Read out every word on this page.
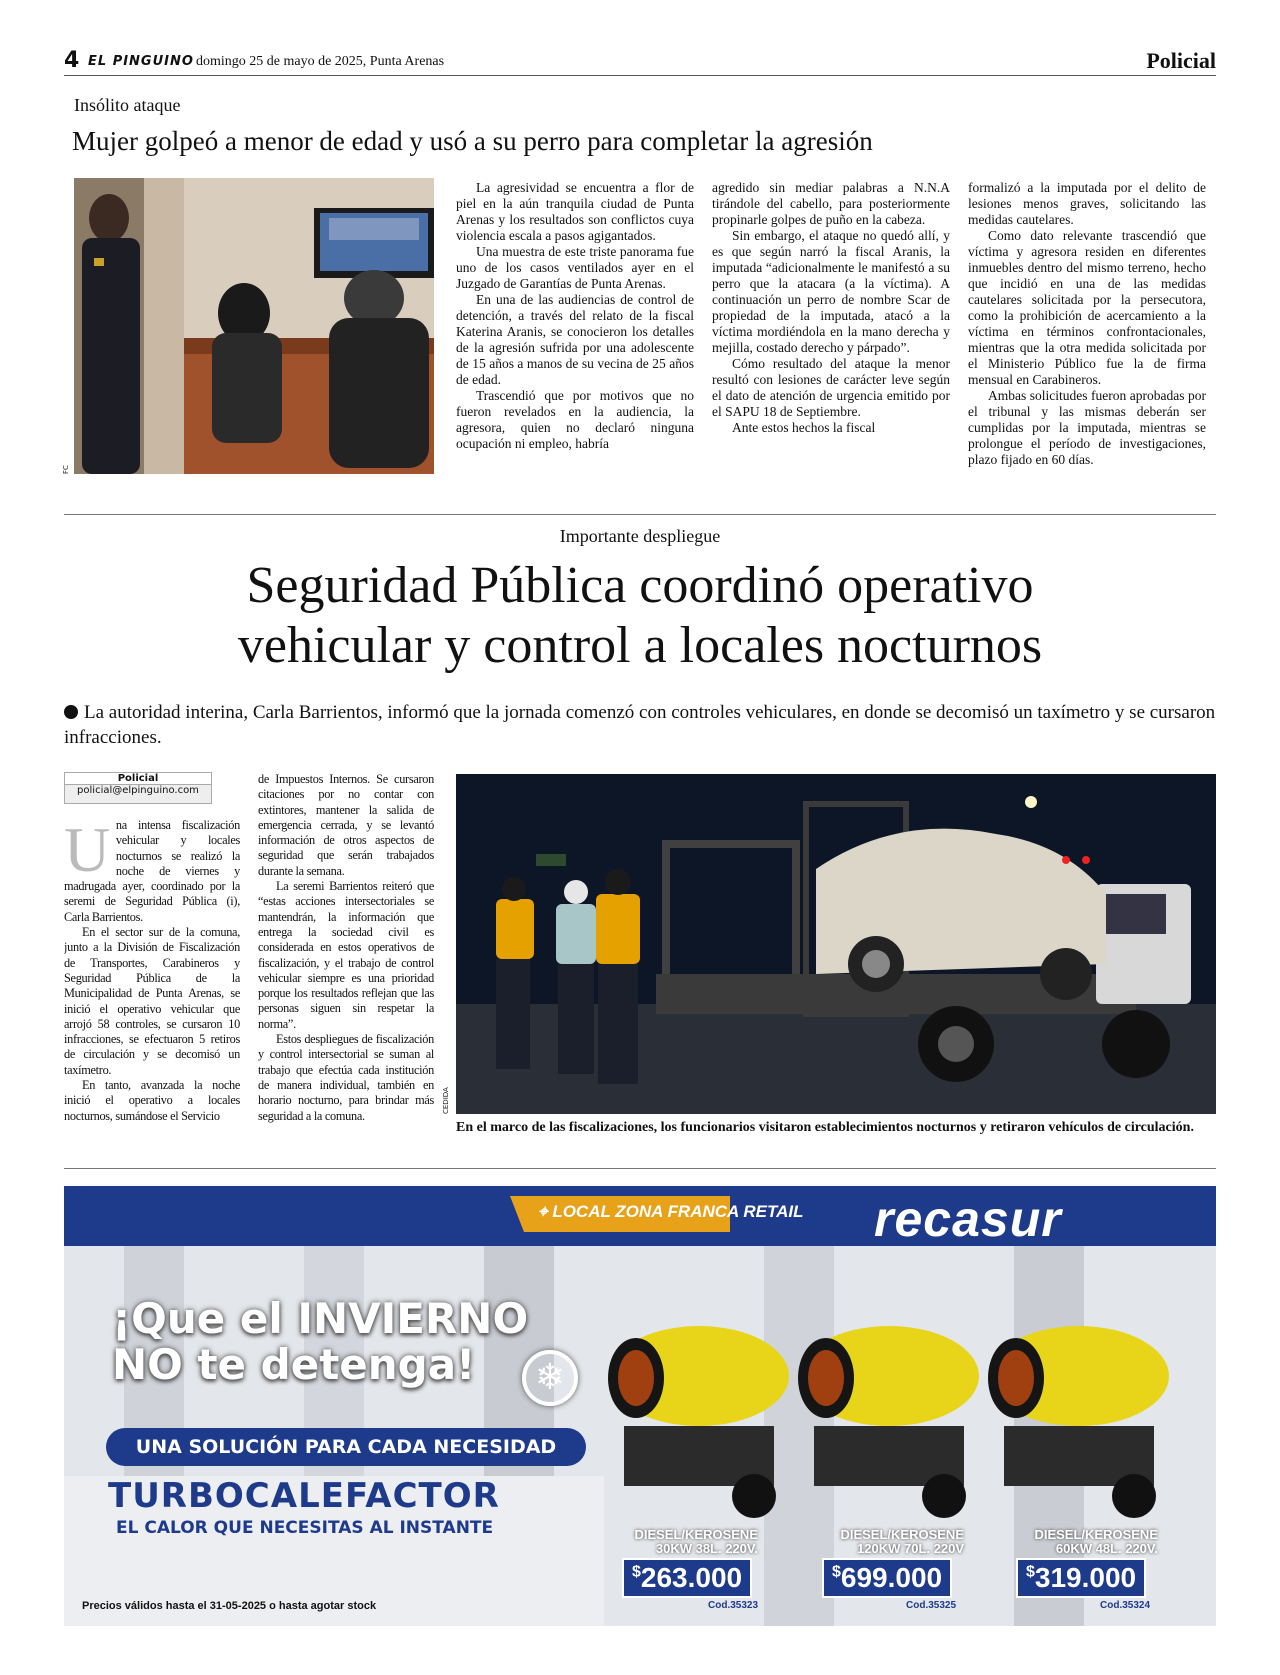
4 EL PINGUINO domingo 25 de mayo de 2025, Punta Arenas	Policial
Insólito ataque
Mujer golpeó a menor de edad y usó a su perro para completar la agresión
FC

La agresividad se encuentra a flor de piel en la aún tranquila ciudad de Punta Arenas y los resultados son conflictos cuya violencia escala a pasos agigantados.

Una muestra de este triste panorama fue uno de los casos ventilados ayer en el Juzgado de Garantías de Punta Arenas.

En una de las audiencias de control de detención, a través del relato de la fiscal Katerina Aranis, se conocieron los detalles de la agresión sufrida por una adolescente de 15 años a manos de su vecina de 25 años de edad.

Trascendió que por motivos que no fueron revelados en la audiencia, la agresora, quien no declaró ninguna ocupación ni empleo, habría

agredido sin mediar palabras a N.N.A tirándole del cabello, para posteriormente propinarle golpes de puño en la cabeza.

Sin embargo, el ataque no quedó allí, y es que según narró la fiscal Aranis, la imputada “adicionalmente le manifestó a su perro que la atacara (a la víctima). A continuación un perro de nombre Scar de propiedad de la imputada, atacó a la víctima mordiéndola en la mano derecha y mejilla, costado derecho y párpado”.

Cómo resultado del ataque la menor resultó con lesiones de carácter leve según el dato de atención de urgencia emitido por el SAPU 18 de Septiembre.

Ante estos hechos la fiscal

formalizó a la imputada por el delito de lesiones menos graves, solicitando las medidas cautelares.

Como dato relevante trascendió que víctima y agresora residen en diferentes inmuebles dentro del mismo terreno, hecho que incidió en una de las medidas cautelares solicitada por la persecutora, como la prohibición de acercamiento a la víctima en términos confrontacionales, mientras que la otra medida solicitada por el Ministerio Público fue la de firma mensual en Carabineros.

Ambas solicitudes fueron aprobadas por el tribunal y las mismas deberán ser cumplidas por la imputada, mientras se prolongue el período de investigaciones, plazo fijado en 60 días.

Importante despliegue
Seguridad Pública coordinó operativo
vehicular y control a locales nocturnos
La autoridad interina, Carla Barrientos, informó que la jornada comenzó con controles vehiculares, en donde se decomisó un taxímetro y se cursaron infracciones.
Policial
policial@elpinguino.com
U na intensa fiscalización vehicular y locales nocturnos se realizó la noche de viernes y madrugada ayer, coordinado por la seremi de Seguridad Pública (i), Carla Barrientos.

En el sector sur de la comuna, junto a la División de Fiscalización de Transportes, Carabineros y Seguridad Pública de la Municipalidad de Punta Arenas, se inició el operativo vehicular que arrojó 58 controles, se cursaron 10 infracciones, se efectuaron 5 retiros de circulación y se decomisó un taxímetro.

En tanto, avanzada la noche inició el operativo a locales nocturnos, sumándose el Servicio

de Impuestos Internos. Se cursaron citaciones por no contar con extintores, mantener la salida de emergencia cerrada, y se levantó información de otros aspectos de seguridad que serán trabajados durante la semana.

La seremi Barrientos reiteró que “estas acciones intersectoriales se mantendrán, la información que entrega la sociedad civil es considerada en estos operativos de fiscalización, y el trabajo de control vehicular siempre es una prioridad porque los resultados reflejan que las personas siguen sin respetar la norma”.

Estos despliegues de fiscalización y control intersectorial se suman al trabajo que efectúa cada institución de manera individual, también en horario nocturno, para brindar más seguridad a la comuna.

CEDIDA
En el marco de las fiscalizaciones, los funcionarios visitaron establecimientos nocturnos y retiraron vehículos de circulación.
⌖ LOCAL ZONA FRANCA RETAIL recasur
¡Que el INVIERNO
NO te detenga!	❄
UNA SOLUCIÓN PARA CADA NECESIDAD
TURBOCALEFACTOR
EL CALOR QUE NECESITAS AL INSTANTE	DIESEL/KEROSENE
30KW 38L. 220V.
$263.000
Cod.35323
DIESEL/KEROSENE
120KW 70L. 220V
$699.000
Cod.35325
DIESEL/KEROSENE
60KW 48L. 220V.
$319.000
Cod.35324
Precios válidos hasta el 31-05-2025 o hasta agotar stock
